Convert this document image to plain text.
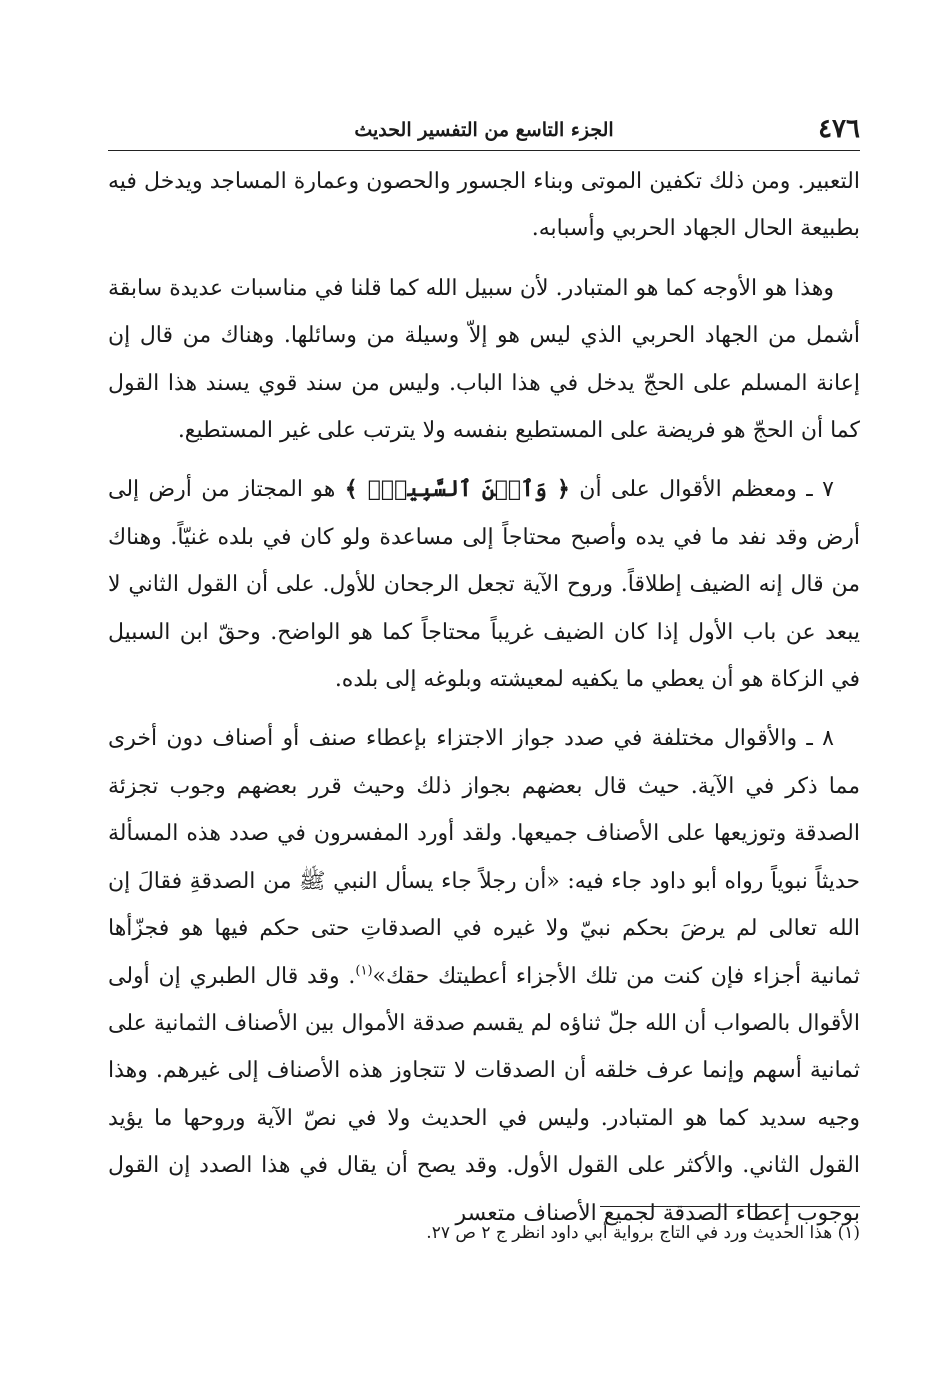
٤٧٦
الجزء التاسع من التفسير الحديث

التعبير. ومن ذلك تكفين الموتى وبناء الجسور والحصون وعمارة المساجد ويدخل فيه بطبيعة الحال الجهاد الحربي وأسبابه.

وهذا هو الأوجه كما هو المتبادر. لأن سبيل الله كما قلنا في مناسبات عديدة سابقة أشمل من الجهاد الحربي الذي ليس هو إلاّ وسيلة من وسائلها. وهناك من قال إن إعانة المسلم على الحجّ يدخل في هذا الباب. وليس من سند قوي يسند هذا القول كما أن الحجّ هو فريضة على المستطيع بنفسه ولا يترتب على غير المستطيع.

٧ ـ ومعظم الأقوال على أن ﴿ وَٱبۡنَ ٱلسَّبِيلِۖ ﴾ هو المجتاز من أرض إلى أرض وقد نفد ما في يده وأصبح محتاجاً إلى مساعدة ولو كان في بلده غنيّاً. وهناك من قال إنه الضيف إطلاقاً. وروح الآية تجعل الرجحان للأول. على أن القول الثاني لا يبعد عن باب الأول إذا كان الضيف غريباً محتاجاً كما هو الواضح. وحقّ ابن السبيل في الزكاة هو أن يعطي ما يكفيه لمعيشته وبلوغه إلى بلده.

٨ ـ والأقوال مختلفة في صدد جواز الاجتزاء بإعطاء صنف أو أصناف دون أخرى مما ذكر في الآية. حيث قال بعضهم بجواز ذلك وحيث قرر بعضهم وجوب تجزئة الصدقة وتوزيعها على الأصناف جميعها. ولقد أورد المفسرون في صدد هذه المسألة حديثاً نبوياً رواه أبو داود جاء فيه: «أن رجلاً جاء يسأل النبي ﷺ من الصدقةِ فقالَ إن الله تعالى لم يرضَ بحكم نبيّ ولا غيره في الصدقاتِ حتى حكم فيها هو فجزّأها ثمانية أجزاء فإن كنت من تلك الأجزاء أعطيتك حقك»$^{(١)}$. وقد قال الطبري إن أولى الأقوال بالصواب أن الله جلّ ثناؤه لم يقسم صدقة الأموال بين الأصناف الثمانية على ثمانية أسهم وإنما عرف خلقه أن الصدقات لا تتجاوز هذه الأصناف إلى غيرهم. وهذا وجيه سديد كما هو المتبادر. وليس في الحديث ولا في نصّ الآية وروحها ما يؤيد القول الثاني. والأكثر على القول الأول. وقد يصح أن يقال في هذا الصدد إن القول بوجوب إعطاء الصدقة لجميع الأصناف متعسر

(١) هذا الحديث ورد في التاج برواية أبي داود انظر ج ٢ ص ٢٧.
